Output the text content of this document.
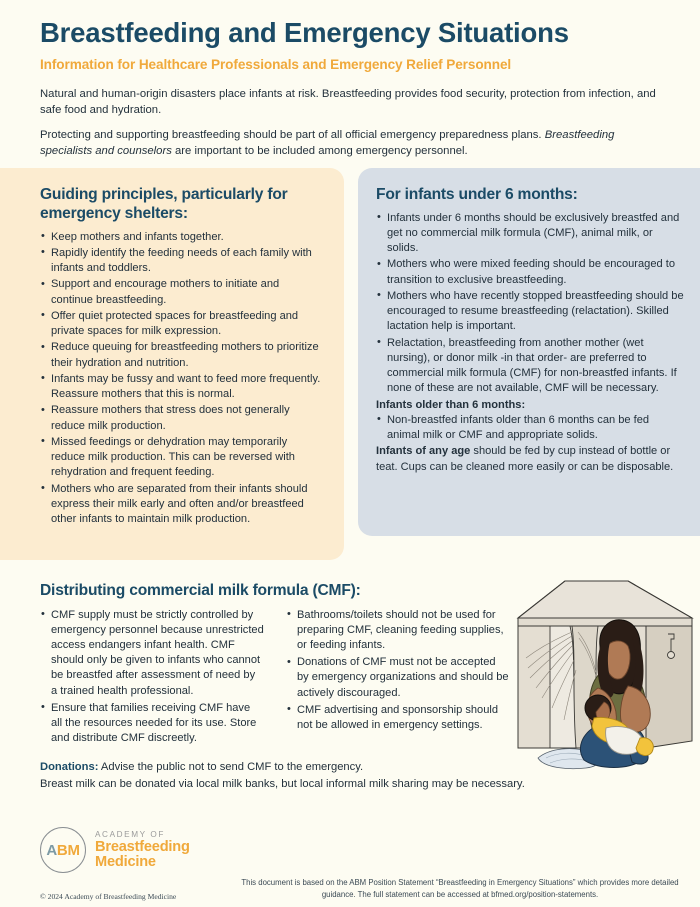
Breastfeeding and Emergency Situations
Information for Healthcare Professionals and Emergency Relief Personnel

Natural and human-origin disasters place infants at risk. Breastfeeding provides food security, protection from infection, and safe food and hydration.

Protecting and supporting breastfeeding should be part of all official emergency preparedness plans. Breastfeeding specialists and counselors are important to be included among emergency personnel.

Guiding principles, particularly for emergency shelters:
• Keep mothers and infants together.
• Rapidly identify the feeding needs of each family with infants and toddlers.
• Support and encourage mothers to initiate and continue breastfeeding.
• Offer quiet protected spaces for breastfeeding and private spaces for milk expression.
• Reduce queuing for breastfeeding mothers to prioritize their hydration and nutrition.
• Infants may be fussy and want to feed more frequently. Reassure mothers that this is normal.
• Reassure mothers that stress does not generally reduce milk production.
• Missed feedings or dehydration may temporarily reduce milk production. This can be reversed with rehydration and frequent feeding.
• Mothers who are separated from their infants should express their milk early and often and/or breastfeed other infants to maintain milk production.
For infants under 6 months:
• Infants under 6 months should be exclusively breastfed and get no commercial milk formula (CMF), animal milk, or solids.
• Mothers who were mixed feeding should be encouraged to transition to exclusive breastfeeding.
• Mothers who have recently stopped breastfeeding should be encouraged to resume breastfeeding (relactation). Skilled lactation help is important.
• Relactation, breastfeeding from another mother (wet nursing), or donor milk -in that order- are preferred to commercial milk formula (CMF) for non-breastfed infants. If none of these are not available, CMF will be necessary.
Infants older than 6 months:
• Non-breastfed infants older than 6 months can be fed animal milk or CMF and appropriate solids.

Infants of any age should be fed by cup instead of bottle or teat. Cups can be cleaned more easily or can be disposable.

Distributing commercial milk formula (CMF):
• CMF supply must be strictly controlled by emergency personnel because unrestricted access endangers infant health. CMF should only be given to infants who cannot be breastfed after assessment of need by a trained health professional.
• Ensure that families receiving CMF have all the resources needed for its use. Store and distribute CMF discreetly.
• Bathrooms/toilets should not be used for preparing CMF, cleaning feeding supplies, or feeding infants.
• Donations of CMF must not be accepted by emergency organizations and should be actively discouraged.
• CMF advertising and sponsorship should not be allowed in emergency settings.
Donations: Advise the public not to send CMF to the emergency.
Breast milk can be donated via local milk banks, but local informal milk sharing may be necessary.
A BM
ACADEMY OF
Breastfeeding
Medicine
© 2024 Academy of Breastfeeding Medicine
This document is based on the ABM Position Statement “Breastfeeding in Emergency Situations” which provides more detailed guidance. The full statement can be accessed at bfmed.org/position-statements.
